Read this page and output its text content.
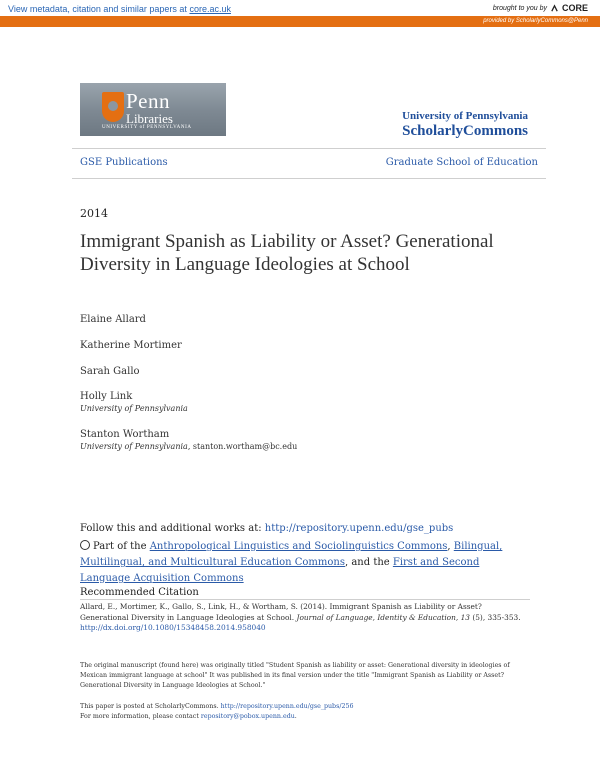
View metadata, citation and similar papers at core.ac.uk	brought to you by CORE
provided by ScholarlyCommons@Penn
Penn
Libraries
UNIVERSITY of PENNSYLVANIA
University of Pennsylvania
ScholarlyCommons
GSE Publications	Graduate School of Education
2014
Immigrant Spanish as Liability or Asset? Generational Diversity in Language Ideologies at School
Elaine Allard
Katherine Mortimer
Sarah Gallo
Holly Link
University of Pennsylvania
Stanton Wortham
University of Pennsylvania, stanton.wortham@bc.edu
Follow this and additional works at: http://repository.upenn.edu/gse_pubs
Part of the Anthropological Linguistics and Sociolinguistics Commons, Bilingual, Multilingual, and Multicultural Education Commons, and the First and Second Language Acquisition Commons
Recommended Citation
Allard, E., Mortimer, K., Gallo, S., Link, H., & Wortham, S. (2014). Immigrant Spanish as Liability or Asset? Generational Diversity in Language Ideologies at School. Journal of Language, Identity & Education, 13 (5), 335-353. http://dx.doi.org/10.1080/15348458.2014.958040
The original manuscript (found here) was originally titled "Student Spanish as liability or asset: Generational diversity in ideologies of Mexican immigrant language at school" It was published in its final version under the title "Immigrant Spanish as Liability or Asset? Generational Diversity in Language Ideologies at School."
This paper is posted at ScholarlyCommons. http://repository.upenn.edu/gse_pubs/256
For more information, please contact repository@pobox.upenn.edu.
